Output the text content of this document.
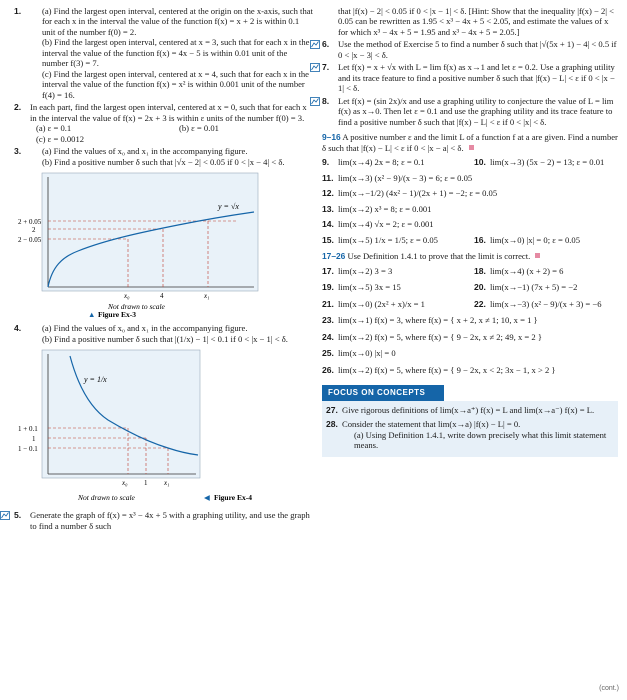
1.	(a) Find the largest open interval, centered at the origin on the x-axis, such that for each x in the interval the value of the function f(x) = x + 2 is within 0.1 unit of the number f(0) = 2.
(b) Find the largest open interval, centered at x = 3, such that for each x in the interval the value of the function f(x) = 4x − 5 is within 0.01 unit of the number f(3) = 7.
(c) Find the largest open interval, centered at x = 4, such that for each x in the interval the value of the function f(x) = x² is within 0.001 unit of the number f(4) = 16.
2. In each part, find the largest open interval, centered at x = 0, such that for each x in the interval the value of f(x) = 2x + 3 is within ε units of the number f(0) = 3.
(a) ε = 0.1	(b) ε = 0.01
(c) ε = 0.0012
3.	(a) Find the values of x₀ and x₁ in the accompanying figure.
(b) Find a positive number δ such that |√x − 2| < 0.05 if 0 < |x − 4| < δ.
y = √x
2 + 0.05
2
2 − 0.05
x₀	4	x₁
Not drawn to scale
▲ Figure Ex-3
4.	(a) Find the values of x₀ and x₁ in the accompanying figure.
(b) Find a positive number δ such that |(1/x) − 1| < 0.1 if 0 < |x − 1| < δ.
y = 1/x
1 + 0.1
1
1 − 0.1
x₀ 1 x₁
Not drawn to scale	◀ Figure Ex-4
5. Generate the graph of f(x) = x³ − 4x + 5 with a graphing utility, and use the graph to find a number δ such
that |f(x) − 2| < 0.05 if 0 < |x − 1| < δ. [Hint: Show that the inequality |f(x) − 2| < 0.05 can be rewritten as 1.95 < x³ − 4x + 5 < 2.05, and estimate the values of x for which x³ − 4x + 5 = 1.95 and x³ − 4x + 5 = 2.05.]
6. Use the method of Exercise 5 to find a number δ such that |√(5x + 1) − 4| < 0.5 if 0 < |x − 3| < δ.
7. Let f(x) = x + √x with L = lim f(x) as x→1 and let ε = 0.2. Use a graphing utility and its trace feature to find a positive number δ such that |f(x) − L| < ε if 0 < |x − 1| < δ.
8. Let f(x) = (sin 2x)/x and use a graphing utility to conjecture the value of L = lim f(x) as x→0. Then let ε = 0.1 and use the graphing utility and its trace feature to find a positive number δ such that |f(x) − L| < ε if 0 < |x| < δ.
9–16 A positive number ε and the limit L of a function f at a are given. Find a number δ such that |f(x) − L| < ε if 0 < |x − a| < δ.
9. lim(x→4) 2x = 8; ε = 0.1	10. lim(x→3) (5x − 2) = 13; ε = 0.01
11. lim(x→3) (x² − 9)/(x − 3) = 6; ε = 0.05
12. lim(x→−1/2) (4x² − 1)/(2x + 1) = −2; ε = 0.05
13. lim(x→2) x³ = 8; ε = 0.001
14. lim(x→4) √x = 2; ε = 0.001
15. lim(x→5) 1/x = 1/5; ε = 0.05	16. lim(x→0) |x| = 0; ε = 0.05
17–26 Use Definition 1.4.1 to prove that the limit is correct.
17. lim(x→2) 3 = 3	18. lim(x→4) (x + 2) = 6
19. lim(x→5) 3x = 15	20. lim(x→−1) (7x + 5) = −2
21. lim(x→0) (2x² + x)/x = 1	22. lim(x→−3) (x² − 9)/(x + 3) = −6
23. lim(x→1) f(x) = 3, where f(x) = { x + 2, x ≠ 1; 10, x = 1 }
24. lim(x→2) f(x) = 5, where f(x) = { 9 − 2x, x ≠ 2; 49, x = 2 }
25. lim(x→0) |x| = 0
26. lim(x→2) f(x) = 5, where f(x) = { 9 − 2x, x < 2; 3x − 1, x > 2 }
FOCUS ON CONCEPTS
27. Give rigorous definitions of lim(x→a⁺) f(x) = L and lim(x→a⁻) f(x) = L.
28. Consider the statement that lim(x→a) |f(x) − L| = 0.
(a) Using Definition 1.4.1, write down precisely what this limit statement means.
(cont.)
